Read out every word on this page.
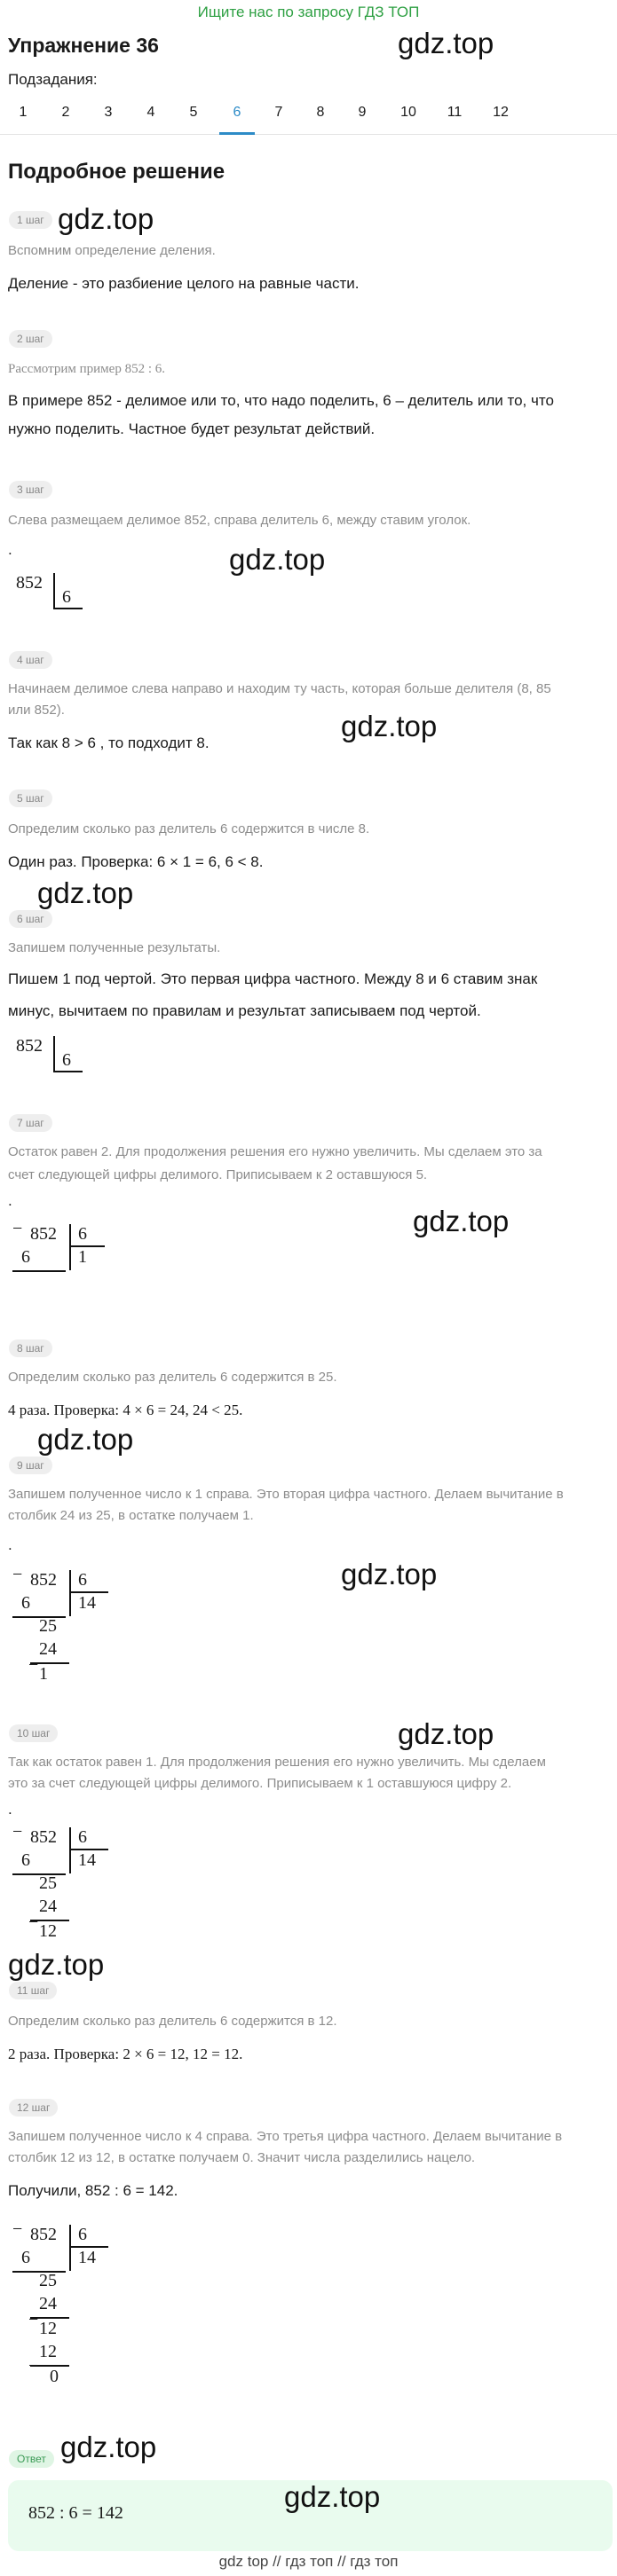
Ищите нас по запросу ГДЗ ТОП
Упражнение 36	gdz.top
Подзадания:
1	2	3	4	5	6	7	8	9	10	11	12
Подробное решение
1 шаг gdz.top
Вспомним определение деления.
Деление - это разбиение целого на равные части.
2 шаг
Рассмотрим пример 852 : 6.
В примере 852 - делимое или то, что надо поделить, 6 – делитель или то, что
нужно поделить. Частное будет результат действий.
3 шаг
Слева размещаем делимое 852, справа делитель 6, между ставим уголок.
.	gdz.top
852
6
4 шаг
Начинаем делимое слева направо и находим ту часть, которая больше делителя (8, 85
или 852).	gdz.top
Так как 8 > 6 , то подходит 8.
5 шаг
Определим сколько раз делитель 6 содержится в числе 8.
Один раз. Проверка: 6 × 1 = 6, 6 < 8.
gdz.top
6 шаг
Запишем полученные результаты.
Пишем 1 под чертой. Это первая цифра частного. Между 8 и 6 ставим знак
минус, вычитаем по правилам и результат записываем под чертой.
852
6
7 шаг
Остаток равен 2. Для продолжения решения его нужно увеличить. Мы сделаем это за
счет следующей цифры делимого. Приписываем к 2 оставшуюся 5.
.
gdz.top
− 852 6
1
6
8 шаг
Определим сколько раз делитель 6 содержится в 25.
4 раза. Проверка: 4 × 6 = 24, 24 < 25.
gdz.top
9 шаг
Запишем полученное число к 1 справа. Это вторая цифра частного. Делаем вычитание в
столбик 24 из 25, в остатке получаем 1.
.
gdz.top
− 852 6
14
6
− 25
24
− 1
10 шаг	gdz.top
Так как остаток равен 1. Для продолжения решения его нужно увеличить. Мы сделаем
это за счет следующей цифры делимого. Приписываем к 1 оставшуюся цифру 2.
.
− 852 6
14
6
− 25
24
− 12
gdz.top
11 шаг
Определим сколько раз делитель 6 содержится в 12.
2 раза. Проверка: 2 × 6 = 12, 12 = 12.
12 шаг
Запишем полученное число к 4 справа. Это третья цифра частного. Делаем вычитание в
столбик 12 из 12, в остатке получаем 0. Значит числа разделились нацело.
Получили, 852 : 6 = 142.
− 852 6
14
6
− 25
24
− 12
12
−
0
Ответ gdz.top
852 : 6 = 142	gdz.top
gdz top // гдз топ // гдз топ
